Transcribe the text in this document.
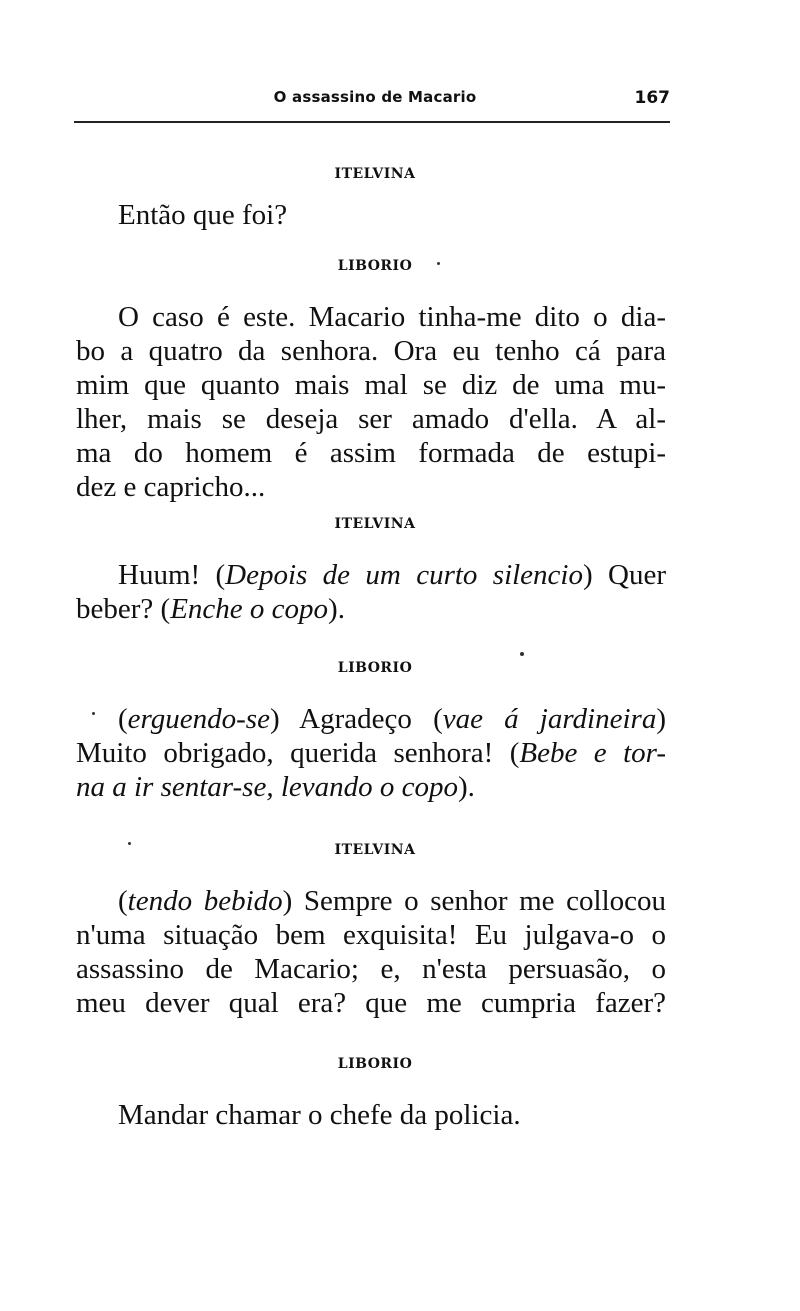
O assassino de Macario	167
ITELVINA
Então que foi?
LIBORIO
O caso é este. Macario tinha-me dito o dia-
bo a quatro da senhora. Ora eu tenho cá para
mim que quanto mais mal se diz de uma mu-
lher, mais se deseja ser amado d'ella. A al-
ma do homem é assim formada de estupi-
dez e capricho...
ITELVINA
Huum! (Depois de um curto silencio) Quer
beber? (Enche o copo).
LIBORIO
(erguendo-se) Agradeço (vae á jardineira)
Muito obrigado, querida senhora! (Bebe e tor-
na a ir sentar-se, levando o copo).
ITELVINA
(tendo bebido) Sempre o senhor me collocou
n'uma situação bem exquisita! Eu julgava-o o
assassino de Macario; e, n'esta persuasão, o
meu dever qual era? que me cumpria fazer?
LIBORIO
Mandar chamar o chefe da policia.
